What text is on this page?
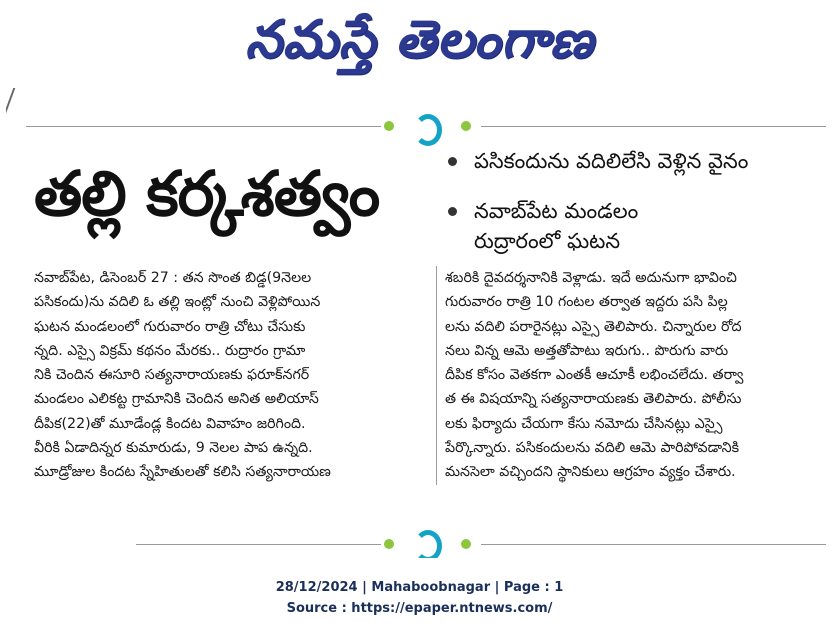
నమస్తే తెలంగాణ
తల్లి కర్కశత్వం	పసికందును వదిలిలేసి వెళ్లిన వైనం
నవాబ్‌పేట మండలం
రుద్రారంలో ఘటన
నవాబ్‌పేట, డిసెంబర్ 27 : తన సొంత బిడ్డ(9నెలల
పసికందు)ను వదిలి ఓ తల్లి ఇంట్లో నుంచి వెళ్లిపోయిన
ఘటన మండలంలో గురువారం రాత్రి చోటు చేసుకు
న్నది. ఎస్సై విక్రమ్ కథనం మేరకు.. రుద్రారం గ్రామా
నికి చెందిన ఈసూరి సత్యనారాయణకు ఫరూక్‌నగర్
మండలం ఎలికట్ట గ్రామానికి చెందిన అనిత అలియాస్
దీపిక(22)తో మూడేండ్ల కిందట వివాహం జరిగింది.
వీరికి ఏడాదిన్నర కుమారుడు, 9 నెలల పాప ఉన్నది.
మూడ్రోజుల కిందట స్నేహితులతో కలిసి సత్యనారాయణ
శబరికి దైవదర్శనానికి వెళ్లాడు. ఇదే అదునుగా భావించి
గురువారం రాత్రి 10 గంటల తర్వాత ఇద్దరు పసి పిల్ల
లను వదిలి పరారైనట్లు ఎస్సై తెలిపారు. చిన్నారుల రోద
నలు విన్న ఆమె అత్తతోపాటు ఇరుగు.. పొరుగు వారు
దీపిక కోసం వెతకగా ఎంతకీ ఆచూకీ లభించలేదు. తర్వా
త ఈ విషయాన్ని సత్యనారాయణకు తెలిపారు. పోలీసు
లకు ఫిర్యాదు చేయగా కేసు నమోదు చేసినట్లు ఎస్సై
పేర్కొన్నారు. పసికందులను వదిలి ఆమె పారిపోవడానికి
మనసెలా వచ్చిందని స్థానికులు ఆగ్రహం వ్యక్తం చేశారు.
28/12/2024 | Mahaboobnagar | Page : 1
Source : https://epaper.ntnews.com/
